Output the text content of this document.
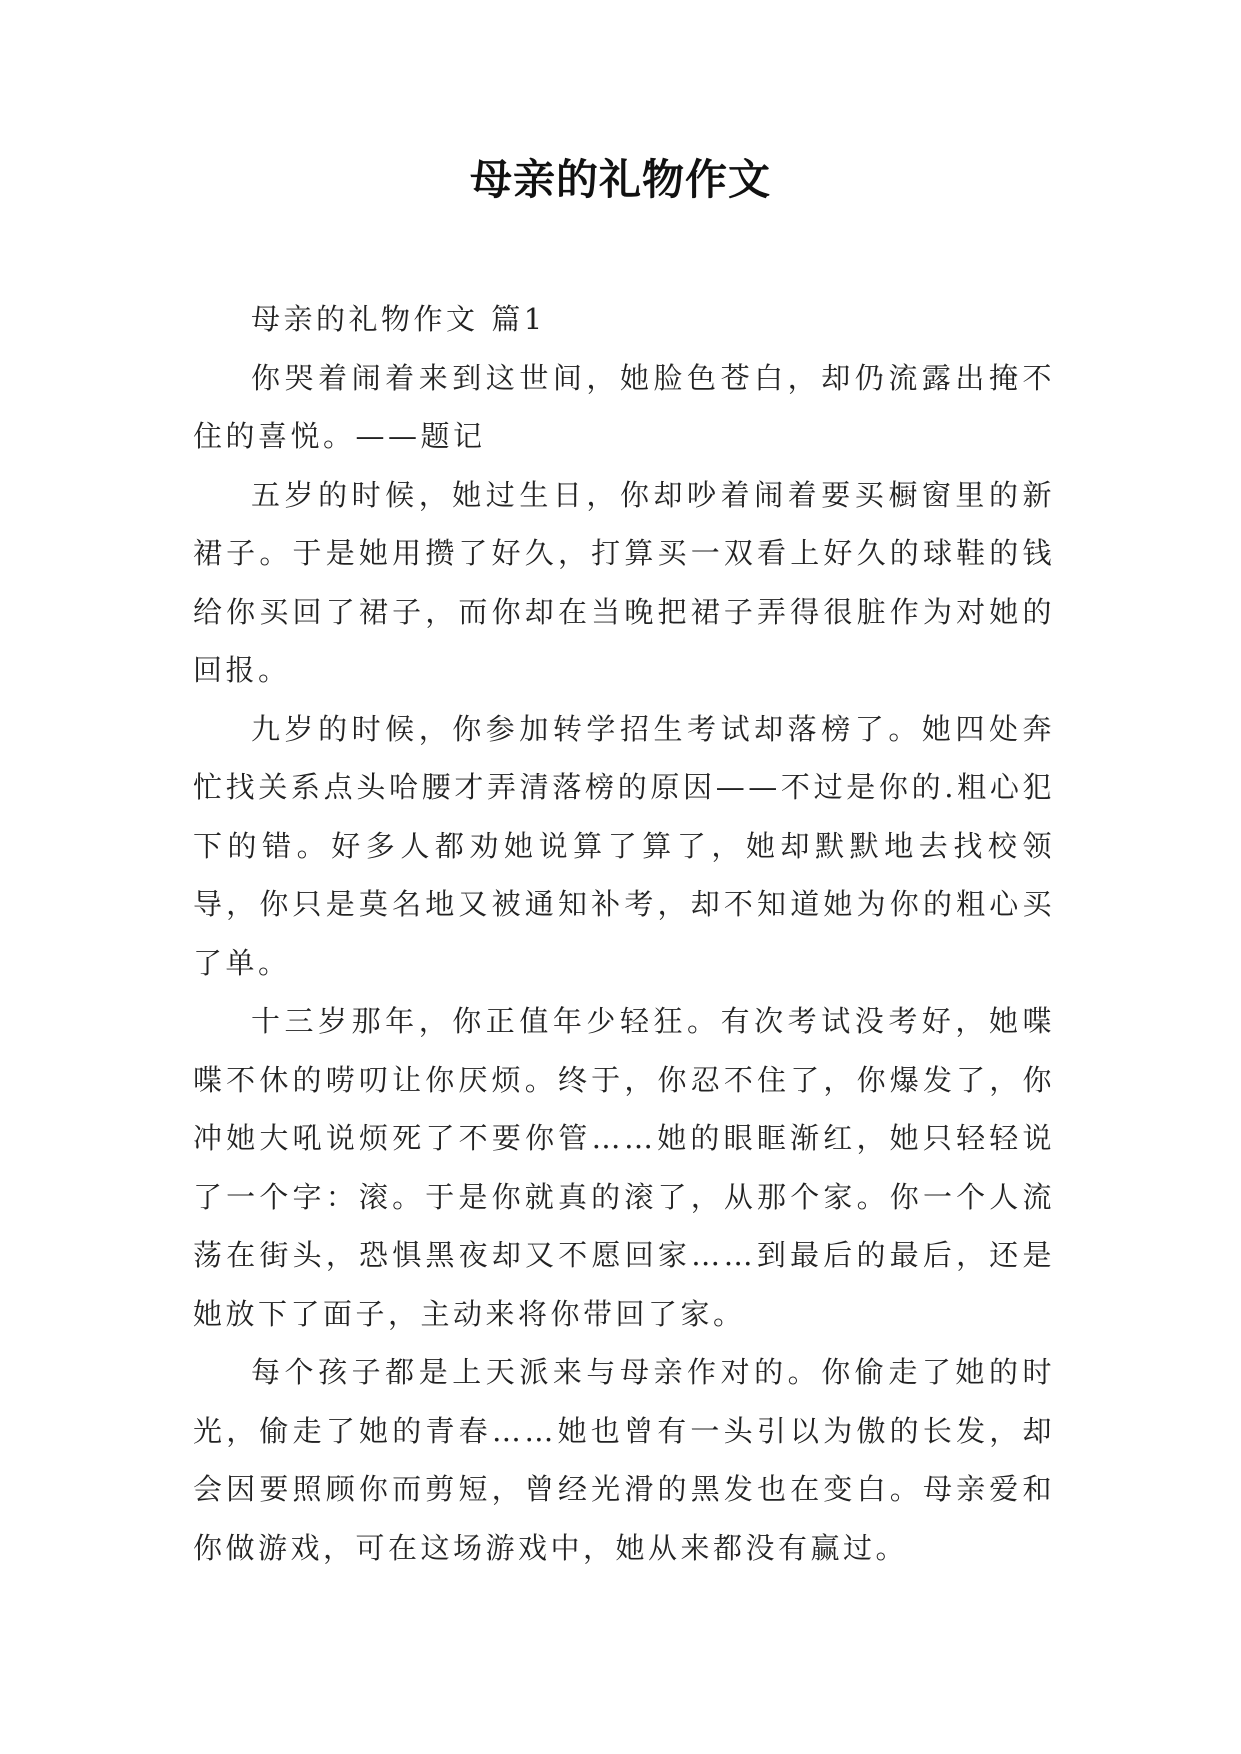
母亲的礼物作文

母亲的礼物作文 篇1

你哭着闹着来到这世间，她脸色苍白，却仍流露出掩不住的喜悦。——题记

五岁的时候，她过生日，你却吵着闹着要买橱窗里的新裙子。于是她用攒了好久，打算买一双看上好久的球鞋的钱给你买回了裙子，而你却在当晚把裙子弄得很脏作为对她的回报。

九岁的时候，你参加转学招生考试却落榜了。她四处奔忙找关系点头哈腰才弄清落榜的原因——不过是你的.粗心犯下的错。好多人都劝她说算了算了，她却默默地去找校领导，你只是莫名地又被通知补考，却不知道她为你的粗心买了单。

十三岁那年，你正值年少轻狂。有次考试没考好，她喋喋不休的唠叨让你厌烦。终于，你忍不住了，你爆发了，你冲她大吼说烦死了不要你管……她的眼眶渐红，她只轻轻说了一个字：滚。于是你就真的滚了，从那个家。你一个人流荡在街头，恐惧黑夜却又不愿回家……到最后的最后，还是她放下了面子，主动来将你带回了家。

每个孩子都是上天派来与母亲作对的。你偷走了她的时光，偷走了她的青春……她也曾有一头引以为傲的长发，却会因要照顾你而剪短，曾经光滑的黑发也在变白。母亲爱和你做游戏，可在这场游戏中，她从来都没有赢过。
